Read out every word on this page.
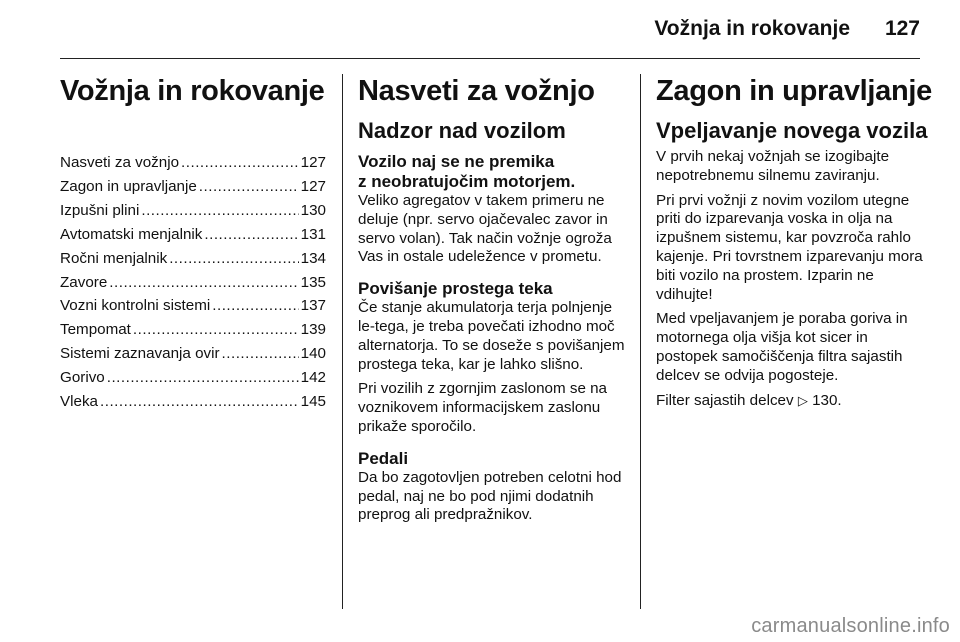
Vožnja in rokovanje 127
Vožnja in rokovanje
Nasveti za vožnjo .....	127
Zagon in upravljanje .....	127
Izpušni plini .....	130
Avtomatski menjalnik .....	131
Ročni menjalnik .....	134
Zavore .....	135
Vozni kontrolni sistemi .....	137
Tempomat .....	139
Sistemi zaznavanja ovir .....	140
Gorivo .....	142
Vleka .....	145
Nasveti za vožnjo
Nadzor nad vozilom
Vozilo naj se ne premika
z neobratujočim motorjem.

Veliko agregatov v takem primeru ne deluje (npr. servo ojačevalec zavor in servo volan). Tak način vožnje ogroža Vas in ostale udeležence v prometu.

Povišanje prostega teka

Če stanje akumulatorja terja polnjenje le-tega, je treba povečati izhodno moč alternatorja. To se doseže s povišanjem prostega teka, kar je lahko slišno.

Pri vozilih z zgornjim zaslonom se na voznikovem informacijskem zaslonu prikaže sporočilo.

Pedali

Da bo zagotovljen potreben celotni hod pedal, naj ne bo pod njimi dodatnih preprog ali predpražnikov.

Zagon in upravljanje
Vpeljavanje novega vozila

V prvih nekaj vožnjah se izogibajte nepotrebnemu silnemu zaviranju.

Pri prvi vožnji z novim vozilom utegne priti do izparevanja voska in olja na izpušnem sistemu, kar povzroča rahlo kajenje. Pri tovrstnem izparevanju mora biti vozilo na prostem. Izparin ne vdihujte!

Med vpeljavanjem je poraba goriva in motornega olja višja kot sicer in postopek samočiščenja filtra sajastih delcev se odvija pogosteje.

Filter sajastih delcev ▷ 130.

carmanualsonline.info
